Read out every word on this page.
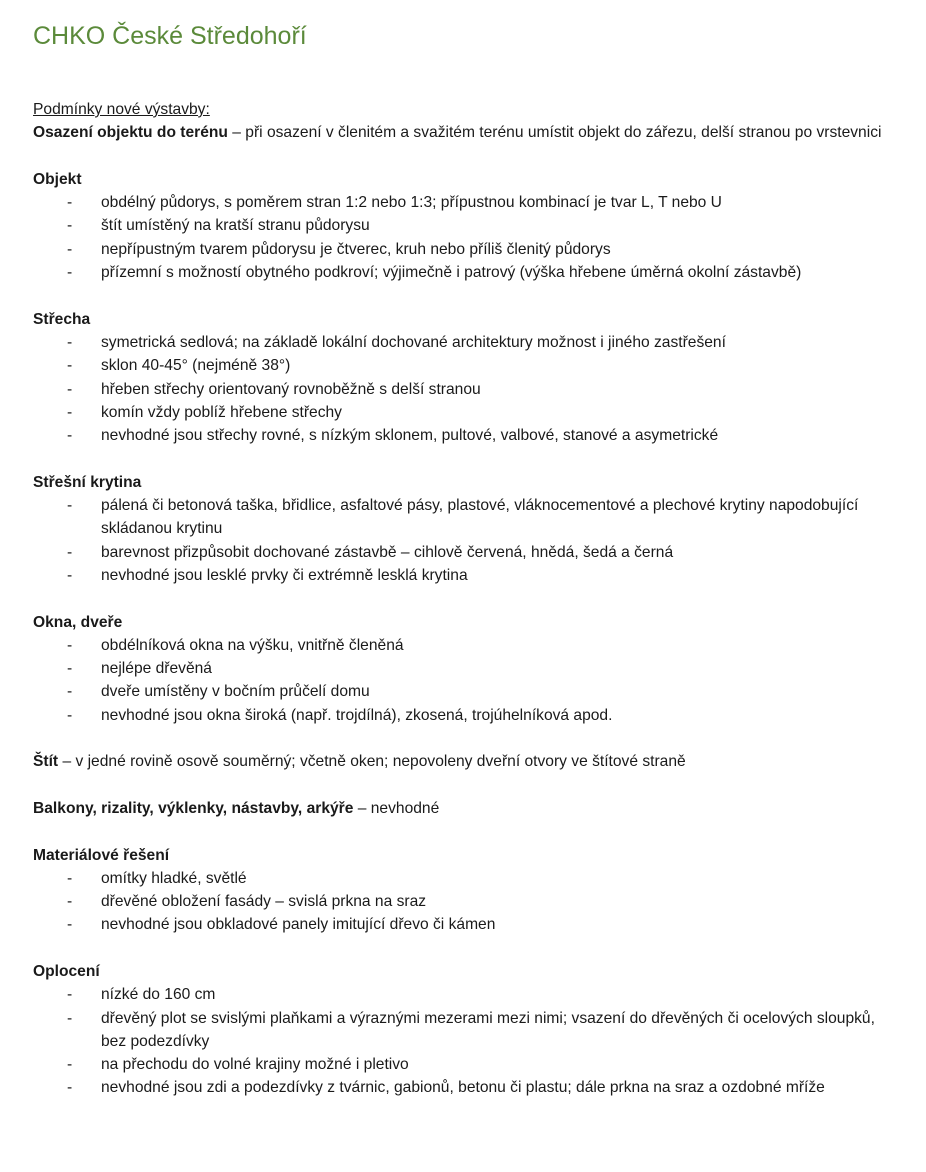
CHKO České Středohoří

Podmínky nové výstavby:

Osazení objektu do terénu – při osazení v členitém a svažitém terénu umístit objekt do zářezu, delší stranou po vrstevnici

Objekt

- obdélný půdorys, s poměrem stran 1:2 nebo 1:3; přípustnou kombinací je tvar L, T nebo U
- štít umístěný na kratší stranu půdorysu
- nepřípustným tvarem půdorysu je čtverec, kruh nebo příliš členitý půdorys
- přízemní s možností obytného podkroví; výjimečně i patrový (výška hřebene úměrná okolní zástavbě)

Střecha

- symetrická sedlová; na základě lokální dochované architektury možnost i jiného zastřešení
- sklon 40-45° (nejméně 38°)
- hřeben střechy orientovaný rovnoběžně s delší stranou
- komín vždy poblíž hřebene střechy
- nevhodné jsou střechy rovné, s nízkým sklonem, pultové, valbové, stanové a asymetrické

Střešní krytina

- pálená či betonová taška, břidlice, asfaltové pásy, plastové, vláknocementové a plechové krytiny napodobující skládanou krytinu
- barevnost přizpůsobit dochované zástavbě – cihlově červená, hnědá, šedá a černá
- nevhodné jsou lesklé prvky či extrémně lesklá krytina

Okna, dveře

- obdélníková okna na výšku, vnitřně členěná
- nejlépe dřevěná
- dveře umístěny v bočním průčelí domu
- nevhodné jsou okna široká (např. trojdílná), zkosená, trojúhelníková apod.

Štít – v jedné rovině osově souměrný; včetně oken; nepovoleny dveřní otvory ve štítové straně

Balkony, rizality, výklenky, nástavby, arkýře – nevhodné

Materiálové řešení

- omítky hladké, světlé
- dřevěné obložení fasády – svislá prkna na sraz
- nevhodné jsou obkladové panely imitující dřevo či kámen

Oplocení

- nízké do 160 cm
- dřevěný plot se svislými plaňkami a výraznými mezerami mezi nimi; vsazení do dřevěných či ocelových sloupků, bez podezdívky
- na přechodu do volné krajiny možné i pletivo
- nevhodné jsou zdi a podezdívky z tvárnic, gabionů, betonu či plastu; dále prkna na sraz a ozdobné mříže
